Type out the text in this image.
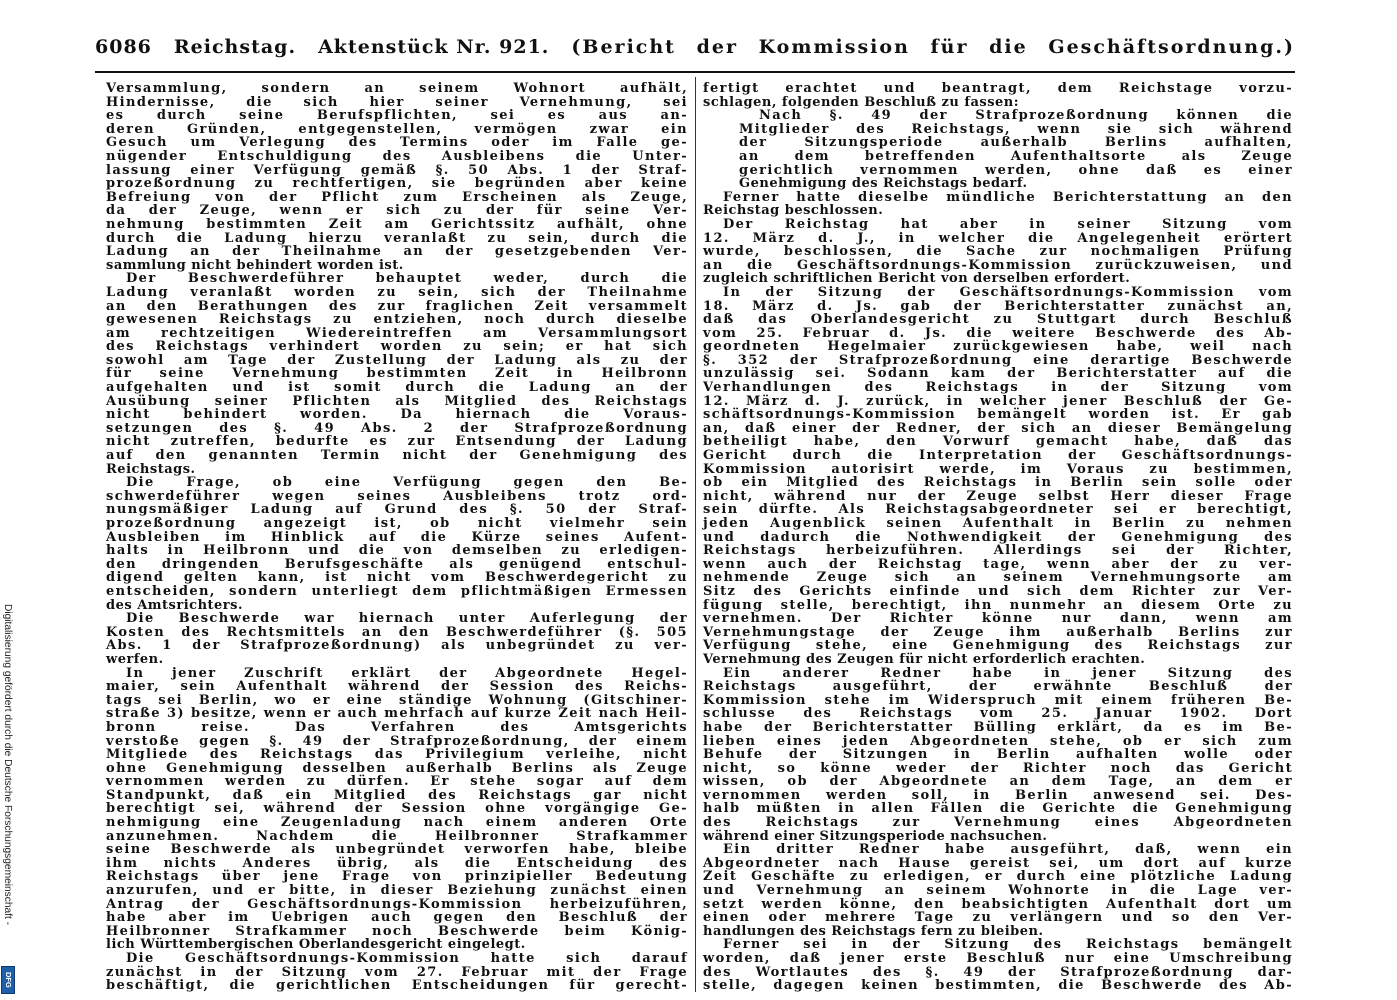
6086 Reichstag. Aktenstück Nr. 921. (Bericht der Kommission für die Geschäftsordnung.)
Versammlung, sondern an seinem Wohnort aufhält,
Hindernisse, die sich hier seiner Vernehmung, sei
es durch seine Berufspflichten, sei es aus an-
deren Gründen, entgegenstellen, vermögen zwar ein
Gesuch um Verlegung des Termins oder im Falle ge-
nügender Entschuldigung des Ausbleibens die Unter-
lassung einer Verfügung gemäß §. 50 Abs. 1 der Straf-
prozeßordnung zu rechtfertigen, sie begründen aber keine
Befreiung von der Pflicht zum Erscheinen als Zeuge,
da der Zeuge, wenn er sich zu der für seine Ver-
nehmung bestimmten Zeit am Gerichtssitz aufhält, ohne
durch die Ladung hierzu veranlaßt zu sein, durch die
Ladung an der Theilnahme an der gesetzgebenden Ver-
sammlung nicht behindert worden ist.
Der Beschwerdeführer behauptet weder, durch die
Ladung veranlaßt worden zu sein, sich der Theilnahme
an den Berathungen des zur fraglichen Zeit versammelt
gewesenen Reichstags zu entziehen, noch durch dieselbe
am rechtzeitigen Wiedereintreffen am Versammlungsort
des Reichstags verhindert worden zu sein; er hat sich
sowohl am Tage der Zustellung der Ladung als zu der
für seine Vernehmung bestimmten Zeit in Heilbronn
aufgehalten und ist somit durch die Ladung an der
Ausübung seiner Pflichten als Mitglied des Reichstags
nicht behindert worden. Da hiernach die Voraus-
setzungen des §. 49 Abs. 2 der Strafprozeßordnung
nicht zutreffen, bedurfte es zur Entsendung der Ladung
auf den genannten Termin nicht der Genehmigung des
Reichstags.
Die Frage, ob eine Verfügung gegen den Be-
schwerdeführer wegen seines Ausbleibens trotz ord-
nungsmäßiger Ladung auf Grund des §. 50 der Straf-
prozeßordnung angezeigt ist, ob nicht vielmehr sein
Ausbleiben im Hinblick auf die Kürze seines Aufent-
halts in Heilbronn und die von demselben zu erledigen-
den dringenden Berufsgeschäfte als genügend entschul-
digend gelten kann, ist nicht vom Beschwerdegericht zu
entscheiden, sondern unterliegt dem pflichtmäßigen Ermessen
des Amtsrichters.
Die Beschwerde war hiernach unter Auferlegung der
Kosten des Rechtsmittels an den Beschwerdeführer (§. 505
Abs. 1 der Strafprozeßordnung) als unbegründet zu ver-
werfen.
In jener Zuschrift erklärt der Abgeordnete Hegel-
maier, sein Aufenthalt während der Session des Reichs-
tags sei Berlin, wo er eine ständige Wohnung (Gitschiner-
straße 3) besitze, wenn er auch mehrfach auf kurze Zeit nach Heil-
bronn reise. Das Verfahren des Amtsgerichts
verstoße gegen §. 49 der Strafprozeßordnung, der einem
Mitgliede des Reichstags das Privilegium verleihe, nicht
ohne Genehmigung desselben außerhalb Berlins als Zeuge
vernommen werden zu dürfen. Er stehe sogar auf dem
Standpunkt, daß ein Mitglied des Reichstags gar nicht
berechtigt sei, während der Session ohne vorgängige Ge-
nehmigung eine Zeugenladung nach einem anderen Orte
anzunehmen. Nachdem die Heilbronner Strafkammer
seine Beschwerde als unbegründet verworfen habe, bleibe
ihm nichts Anderes übrig, als die Entscheidung des
Reichstags über jene Frage von prinzipieller Bedeutung
anzurufen, und er bitte, in dieser Beziehung zunächst einen
Antrag der Geschäftsordnungs-Kommission herbeizuführen,
habe aber im Uebrigen auch gegen den Beschluß der
Heilbronner Strafkammer noch Beschwerde beim König-
lich Württembergischen Oberlandesgericht eingelegt.
Die Geschäftsordnungs-Kommission hatte sich darauf
zunächst in der Sitzung vom 27. Februar mit der Frage
beschäftigt, die gerichtlichen Entscheidungen für gerecht-
fertigt erachtet und beantragt, dem Reichstage vorzu-
schlagen, folgenden Beschluß zu fassen:
Nach §. 49 der Strafprozeßordnung können die
Mitglieder des Reichstags, wenn sie sich während
der Sitzungsperiode außerhalb Berlins aufhalten,
an dem betreffenden Aufenthaltsorte als Zeuge
gerichtlich vernommen werden, ohne daß es einer
Genehmigung des Reichstags bedarf.
Ferner hatte dieselbe mündliche Berichterstattung an den
Reichstag beschlossen.
Der Reichstag hat aber in seiner Sitzung vom
12. März d. J., in welcher die Angelegenheit erörtert
wurde, beschlossen, die Sache zur nochmaligen Prüfung
an die Geschäftsordnungs-Kommission zurückzuweisen, und
zugleich schriftlichen Bericht von derselben erfordert.
In der Sitzung der Geschäftsordnungs-Kommission vom
18. März d. Js. gab der Berichterstatter zunächst an,
daß das Oberlandesgericht zu Stuttgart durch Beschluß
vom 25. Februar d. Js. die weitere Beschwerde des Ab-
geordneten Hegelmaier zurückgewiesen habe, weil nach
§. 352 der Strafprozeßordnung eine derartige Beschwerde
unzulässig sei. Sodann kam der Berichterstatter auf die
Verhandlungen des Reichstags in der Sitzung vom
12. März d. J. zurück, in welcher jener Beschluß der Ge-
schäftsordnungs-Kommission bemängelt worden ist. Er gab
an, daß einer der Redner, der sich an dieser Bemängelung
betheiligt habe, den Vorwurf gemacht habe, daß das
Gericht durch die Interpretation der Geschäftsordnungs-
Kommission autorisirt werde, im Voraus zu bestimmen,
ob ein Mitglied des Reichstags in Berlin sein solle oder
nicht, während nur der Zeuge selbst Herr dieser Frage
sein dürfte. Als Reichstagsabgeordneter sei er berechtigt,
jeden Augenblick seinen Aufenthalt in Berlin zu nehmen
und dadurch die Nothwendigkeit der Genehmigung des
Reichstags herbeizuführen. Allerdings sei der Richter,
wenn auch der Reichstag tage, wenn aber der zu ver-
nehmende Zeuge sich an seinem Vernehmungsorte am
Sitz des Gerichts einfinde und sich dem Richter zur Ver-
fügung stelle, berechtigt, ihn nunmehr an diesem Orte zu
vernehmen. Der Richter könne nur dann, wenn am
Vernehmungstage der Zeuge ihm außerhalb Berlins zur
Verfügung stehe, eine Genehmigung des Reichstags zur
Vernehmung des Zeugen für nicht erforderlich erachten.
Ein anderer Redner habe in jener Sitzung des
Reichstags ausgeführt, der erwähnte Beschluß der
Kommission stehe im Widerspruch mit einem früheren Be-
schlusse des Reichstags vom 25. Januar 1902. Dort
habe der Berichterstatter Bülling erklärt, da es im Be-
lieben eines jeden Abgeordneten stehe, ob er sich zum
Behufe der Sitzungen in Berlin aufhalten wolle oder
nicht, so könne weder der Richter noch das Gericht
wissen, ob der Abgeordnete an dem Tage, an dem er
vernommen werden soll, in Berlin anwesend sei. Des-
halb müßten in allen Fällen die Gerichte die Genehmigung
des Reichstags zur Vernehmung eines Abgeordneten
während einer Sitzungsperiode nachsuchen.
Ein dritter Redner habe ausgeführt, daß, wenn ein
Abgeordneter nach Hause gereist sei, um dort auf kurze
Zeit Geschäfte zu erledigen, er durch eine plötzliche Ladung
und Vernehmung an seinem Wohnorte in die Lage ver-
setzt werden könne, den beabsichtigten Aufenthalt dort um
einen oder mehrere Tage zu verlängern und so den Ver-
handlungen des Reichstags fern zu bleiben.
Ferner sei in der Sitzung des Reichstags bemängelt
worden, daß jener erste Beschluß nur eine Umschreibung
des Wortlautes des §. 49 der Strafprozeßordnung dar-
stelle, dagegen keinen bestimmten, die Beschwerde des Ab-
Digitalisierung gefördert durch die Deutsche Forschungsgemeinschaft -
DFG
